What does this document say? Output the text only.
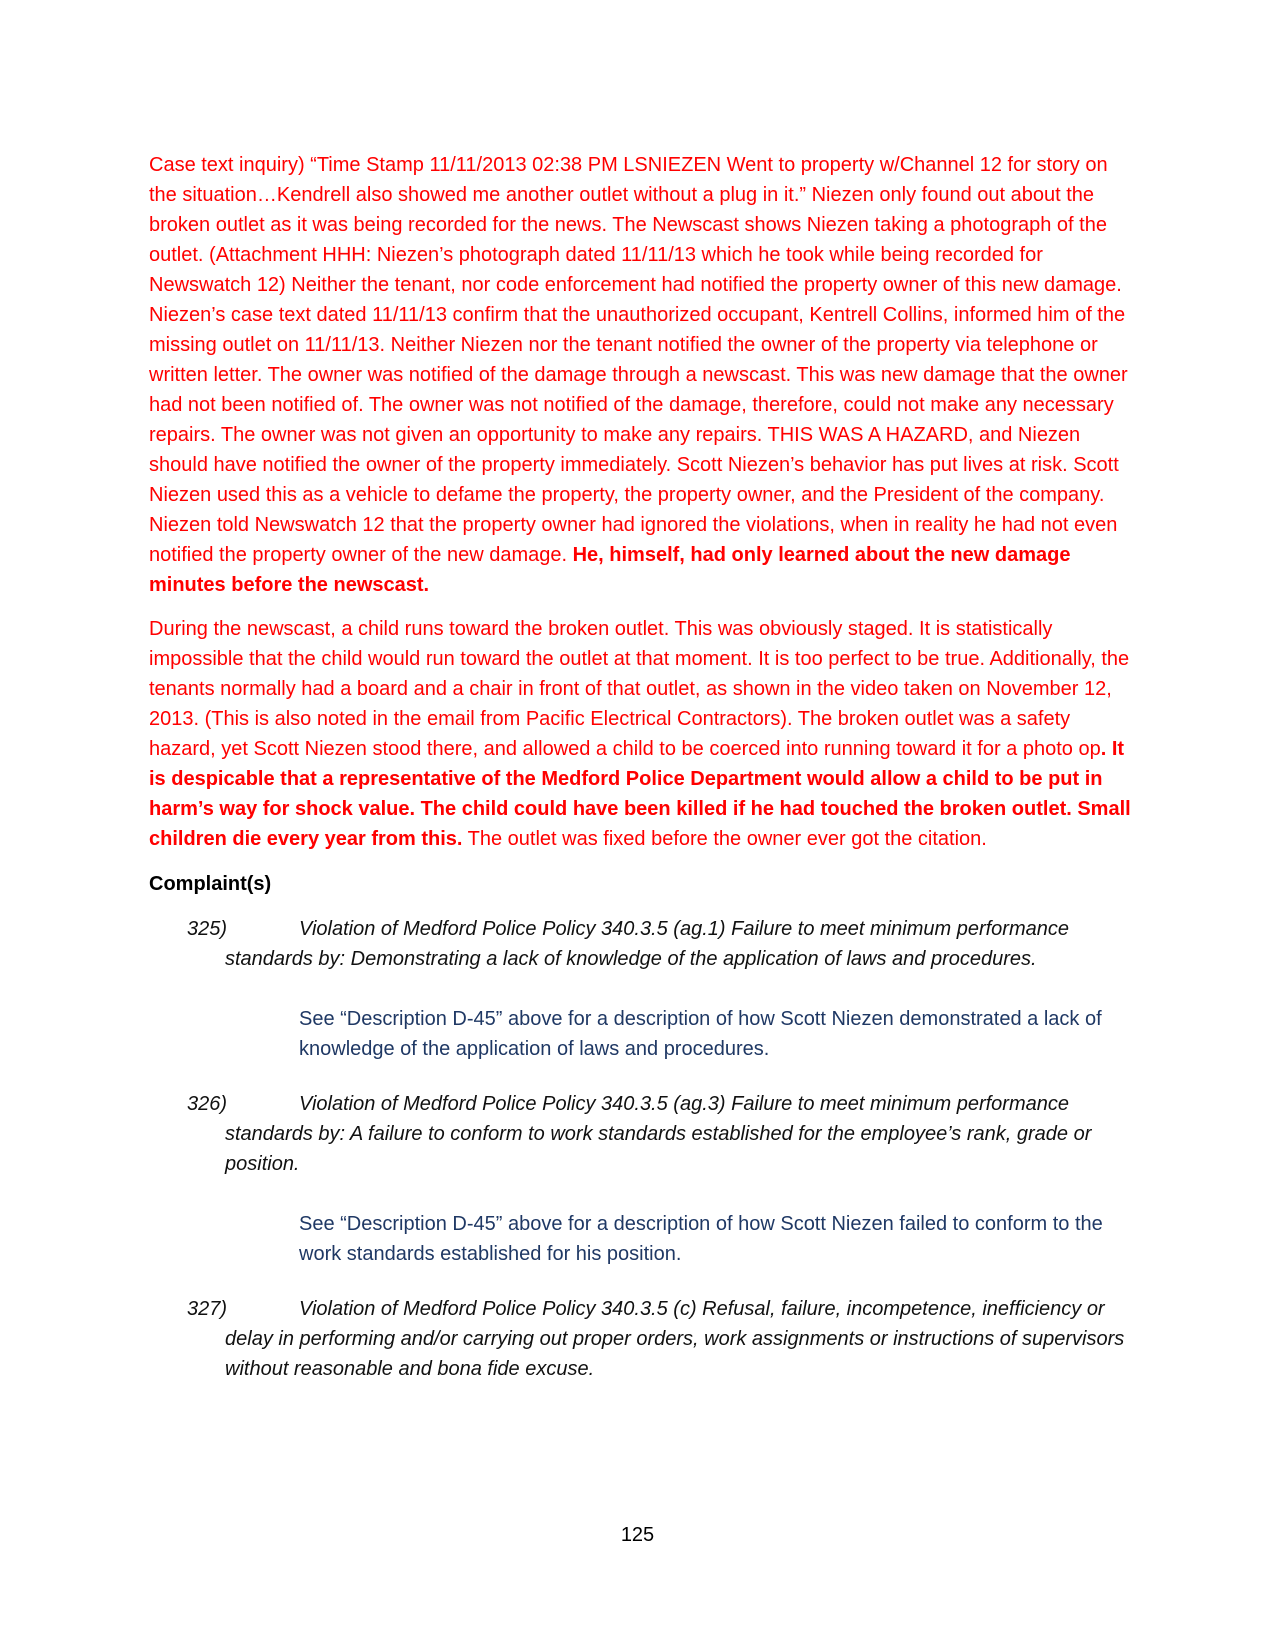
Case text inquiry) “Time Stamp 11/11/2013 02:38 PM LSNIEZEN Went to property w/Channel 12 for story on the situation…Kendrell also showed me another outlet without a plug in it.” Niezen only found out about the broken outlet as it was being recorded for the news. The Newscast shows Niezen taking a photograph of the outlet. (Attachment HHH: Niezen’s photograph dated 11/11/13 which he took while being recorded for Newswatch 12) Neither the tenant, nor code enforcement had notified the property owner of this new damage. Niezen’s case text dated 11/11/13 confirm that the unauthorized occupant, Kentrell Collins, informed him of the missing outlet on 11/11/13. Neither Niezen nor the tenant notified the owner of the property via telephone or written letter. The owner was notified of the damage through a newscast. This was new damage that the owner had not been notified of. The owner was not notified of the damage, therefore, could not make any necessary repairs. The owner was not given an opportunity to make any repairs. THIS WAS A HAZARD, and Niezen should have notified the owner of the property immediately. Scott Niezen’s behavior has put lives at risk. Scott Niezen used this as a vehicle to defame the property, the property owner, and the President of the company. Niezen told Newswatch 12 that the property owner had ignored the violations, when in reality he had not even notified the property owner of the new damage. He, himself, had only learned about the new damage minutes before the newscast.

During the newscast, a child runs toward the broken outlet. This was obviously staged. It is statistically impossible that the child would run toward the outlet at that moment. It is too perfect to be true. Additionally, the tenants normally had a board and a chair in front of that outlet, as shown in the video taken on November 12, 2013. (This is also noted in the email from Pacific Electrical Contractors). The broken outlet was a safety hazard, yet Scott Niezen stood there, and allowed a child to be coerced into running toward it for a photo op. It is despicable that a representative of the Medford Police Department would allow a child to be put in harm’s way for shock value. The child could have been killed if he had touched the broken outlet. Small children die every year from this. The outlet was fixed before the owner ever got the citation.

Complaint(s)

325)	Violation of Medford Police Policy 340.3.5 (ag.1) Failure to meet minimum performance standards by: Demonstrating a lack of knowledge of the application of laws and procedures.

See “Description D-45” above for a description of how Scott Niezen demonstrated a lack of knowledge of the application of laws and procedures.

326)	Violation of Medford Police Policy 340.3.5 (ag.3) Failure to meet minimum performance standards by: A failure to conform to work standards established for the employee’s rank, grade or position.

See “Description D-45” above for a description of how Scott Niezen failed to conform to the work standards established for his position.

327)	Violation of Medford Police Policy 340.3.5 (c) Refusal, failure, incompetence, inefficiency or delay in performing and/or carrying out proper orders, work assignments or instructions of supervisors without reasonable and bona fide excuse.
125
